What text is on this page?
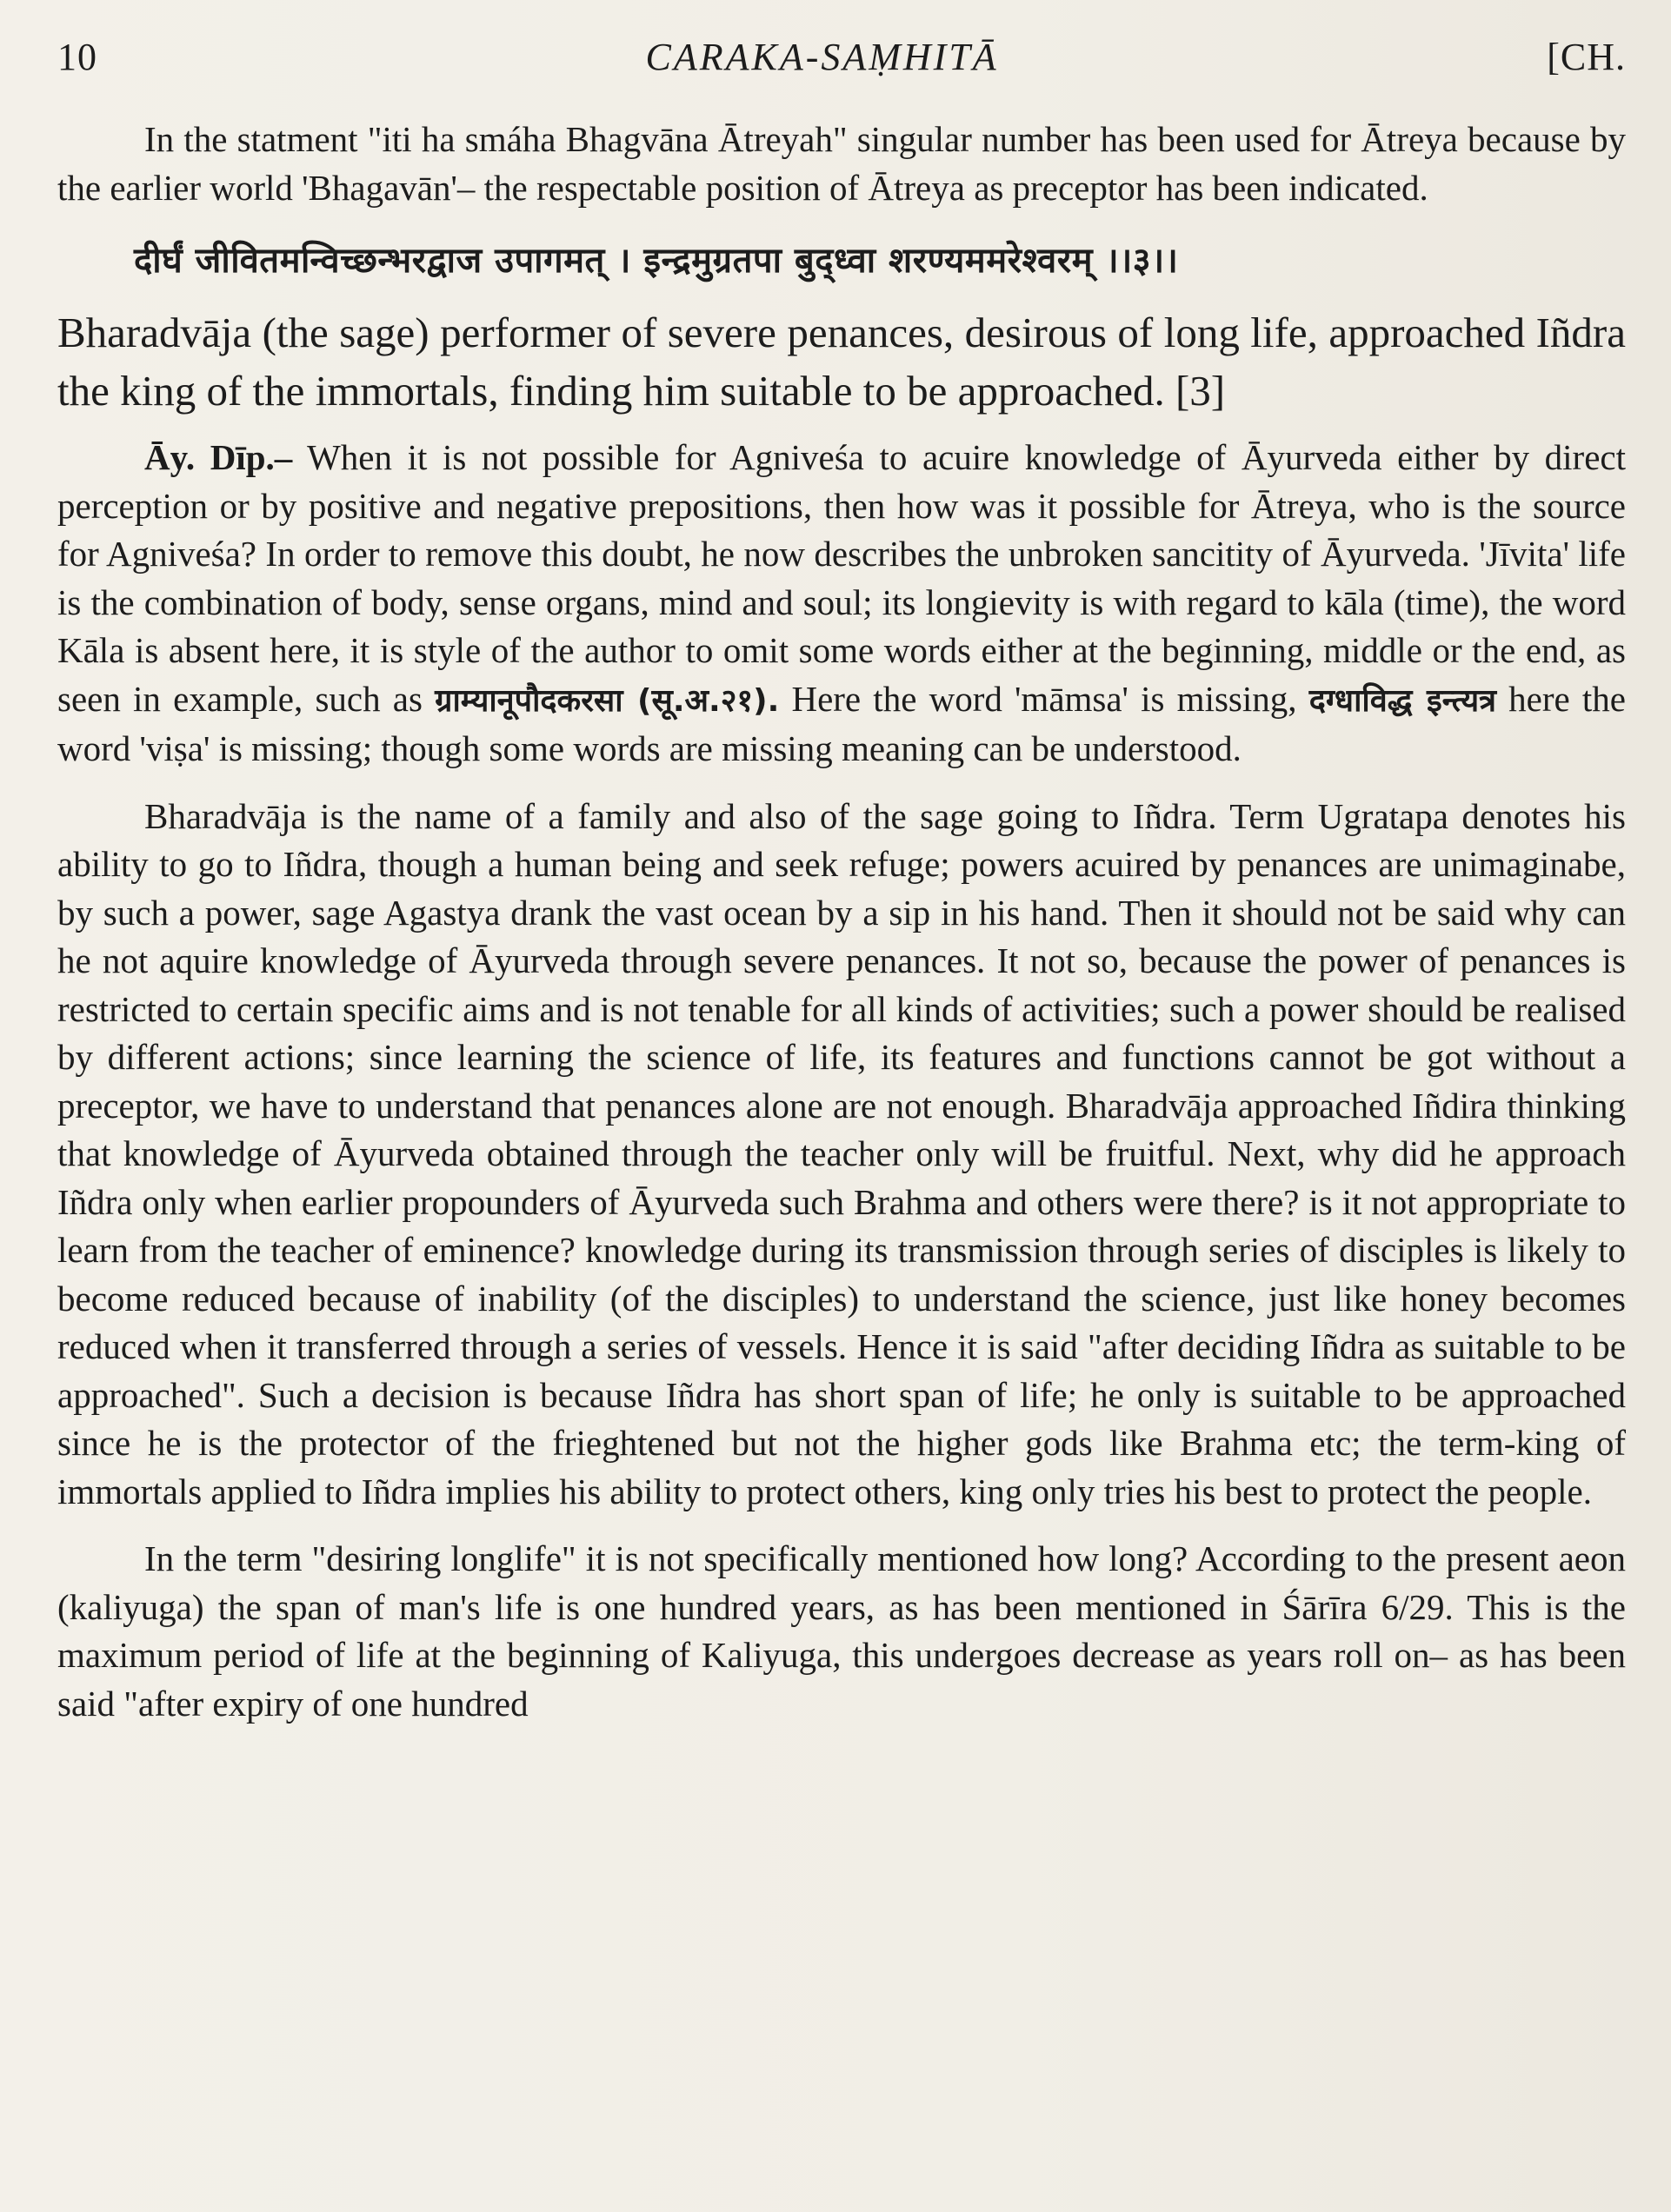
10	CARAKA-SAṂHITĀ	[CH.

In the statment "iti ha smáha Bhagvāna Ātreyah" singular number has been used for Ātreya because by the earlier world 'Bhagavān'– the respectable position of Ātreya as preceptor has been indicated.

दीर्घं जीवितमन्विच्छन्भरद्वाज उपागमत् । इन्द्रमुग्रतपा बुद्ध्वा शरण्यममरेश्वरम् ।।३।।

Bharadvāja (the sage) performer of severe penances, desirous of long life, approached Iñdra the king of the immortals, finding him suitable to be approached. [3]

Āy. Dīp.– When it is not possible for Agniveśa to acuire knowledge of Āyurveda either by direct perception or by positive and negative prepositions, then how was it possible for Ātreya, who is the source for Agniveśa? In order to remove this doubt, he now describes the unbroken sancitity of Āyurveda. 'Jīvita' life is the combination of body, sense organs, mind and soul; its longievity is with regard to kāla (time), the word Kāla is absent here, it is style of the author to omit some words either at the beginning, middle or the end, as seen in example, such as ग्राम्यानूपौदकरसा (सू.अ.२१). Here the word 'māmsa' is missing, दग्धाविद्ध इन्त्यत्र here the word 'viṣa' is missing; though some words are missing meaning can be understood.

Bharadvāja is the name of a family and also of the sage going to Iñdra. Term Ugratapa denotes his ability to go to Iñdra, though a human being and seek refuge; powers acuired by penances are unimaginabe, by such a power, sage Agastya drank the vast ocean by a sip in his hand. Then it should not be said why can he not aquire knowledge of Āyurveda through severe penances. It not so, because the power of penances is restricted to certain specific aims and is not tenable for all kinds of activities; such a power should be realised by different actions; since learning the science of life, its features and functions cannot be got without a preceptor, we have to understand that penances alone are not enough. Bharadvāja approached Iñdira thinking that knowledge of Āyurveda obtained through the teacher only will be fruitful. Next, why did he approach Iñdra only when earlier propounders of Āyurveda such Brahma and others were there? is it not appropriate to learn from the teacher of eminence? knowledge during its transmission through series of disciples is likely to become reduced because of inability (of the disciples) to understand the science, just like honey becomes reduced when it transferred through a series of vessels. Hence it is said "after deciding Iñdra as suitable to be approached". Such a decision is because Iñdra has short span of life; he only is suitable to be approached since he is the protector of the frieghtened but not the higher gods like Brahma etc; the term-king of immortals applied to Iñdra implies his ability to protect others, king only tries his best to protect the people.

In the term "desiring longlife" it is not specifically mentioned how long? According to the present aeon (kaliyuga) the span of man's life is one hundred years, as has been mentioned in Śārīra 6/29. This is the maximum period of life at the beginning of Kaliyuga, this undergoes decrease as years roll on– as has been said "after expiry of one hundred
